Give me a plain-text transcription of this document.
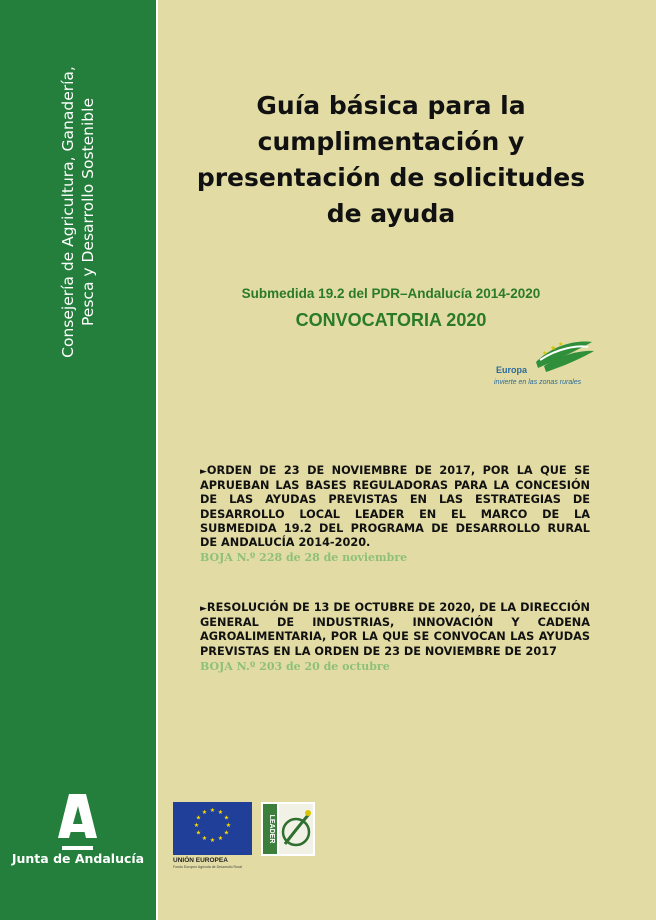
Consejería de Agricultura, Ganadería, Pesca y Desarrollo Sostenible
Junta de Andalucía
Guía básica para la
cumplimentación y
presentación de solicitudes
de ayuda
Submedida 19.2 del PDR–Andalucía 2014-2020
CONVOCATORIA 2020
★ ★
★
Europa
invierte en las zonas rurales
►ORDEN DE 23 DE NOVIEMBRE DE 2017, POR LA QUE SE APRUEBAN LAS BASES REGULADORAS PARA LA CONCESIÓN DE LAS AYUDAS PREVISTAS EN LAS ESTRATEGIAS DE DESARROLLO LOCAL LEADER EN EL MARCO DE LA SUBMEDIDA 19.2 DEL PROGRAMA DE DESARROLLO RURAL DE ANDALUCÍA 2014-2020.
BOJA N.º 228 de 28 de noviembre
►RESOLUCIÓN DE 13 DE OCTUBRE DE 2020, DE LA DIRECCIÓN GENERAL DE INDUSTRIAS, INNOVACIÓN Y CADENA AGROALIMENTARIA, POR LA QUE SE CONVOCAN LAS AYUDAS PREVISTAS EN LA ORDEN DE 23 DE NOVIEMBRE DE 2017
BOJA N.º 203 de 20 de octubre
★ ★
★
★
★
★
★
★
★
★
★
★
UNIÓN EUROPEA
Fondo Europeo Agrícola de Desarrollo Rural
LEADER
